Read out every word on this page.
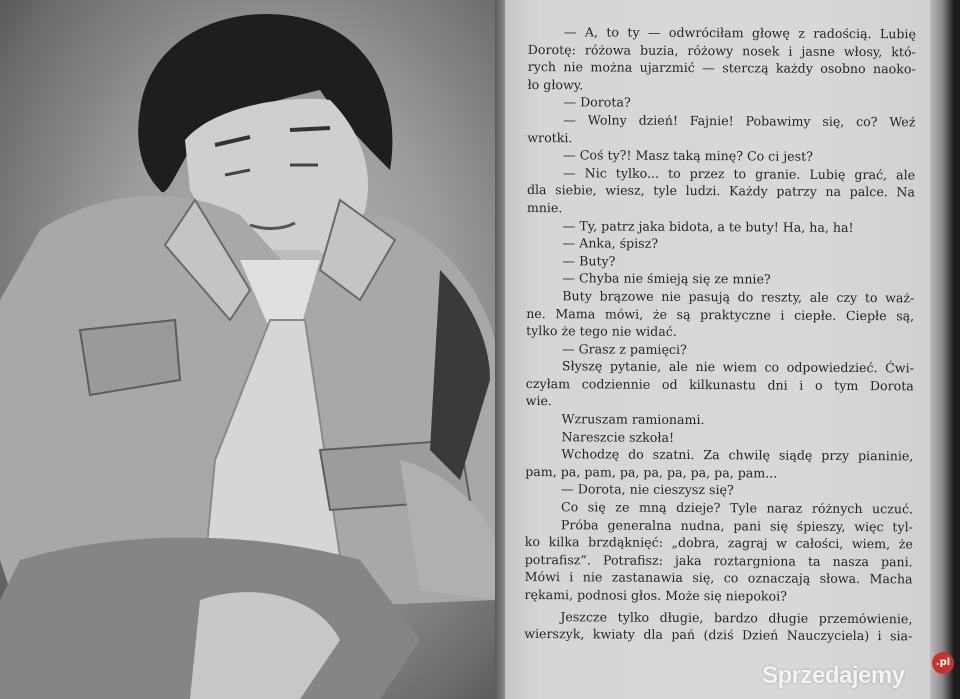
— A, to ty — odwróciłam głowę z radością. Lubię
Dorotę: różowa buzia, różowy nosek i jasne włosy, któ-
rych nie można ujarzmić — sterczą każdy osobno naoko-
ło głowy.
— Dorota?
— Wolny dzień! Fajnie! Pobawimy się, co? Weź
wrotki.
— Coś ty?! Masz taką minę? Co ci jest?
— Nic tylko... to przez to granie. Lubię grać, ale
dla siebie, wiesz, tyle ludzi. Każdy patrzy na palce. Na
mnie.
— Ty, patrz jaka bidota, a te buty! Ha, ha, ha!
— Anka, śpisz?
— Buty?
— Chyba nie śmieją się ze mnie?
Buty brązowe nie pasują do reszty, ale czy to waż-
ne. Mama mówi, że są praktyczne i ciepłe. Ciepłe są,
tylko że tego nie widać.
— Grasz z pamięci?
Słyszę pytanie, ale nie wiem co odpowiedzieć. Ćwi-
czyłam codziennie od kilkunastu dni i o tym Dorota
wie.
Wzruszam ramionami.
Nareszcie szkoła!
Wchodzę do szatni. Za chwilę siądę przy pianinie,
pam, pa, pam, pa, pa, pa, pa, pa, pam...
— Dorota, nie cieszysz się?
Co się ze mną dzieje? Tyle naraz różnych uczuć.
Próba generalna nudna, pani się śpieszy, więc tyl-
ko kilka brzdąknięć: „dobra, zagraj w całości, wiem, że
potrafisz”. Potrafisz: jaka roztargniona ta nasza pani.
Mówi i nie zastanawia się, co oznaczają słowa. Macha
rękami, podnosi głos. Może się niepokoi?
Jeszcze tylko długie, bardzo długie przemówienie,
wierszyk, kwiaty dla pań (dziś Dzień Nauczyciela) i sia-
Sprzedajemy	.pl
